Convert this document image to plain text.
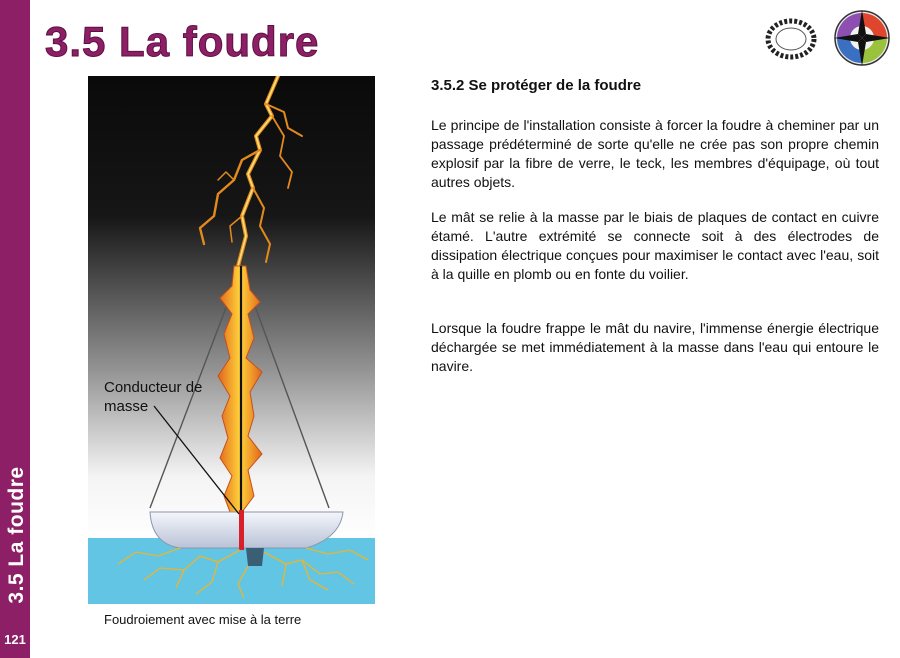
3.5 La foudre
121
3.5 La foudre
Conducteur de masse
Foudroiement avec mise à la terre
3.5.2 Se protéger de la foudre

Le principe de l'installation consiste à forcer la foudre à cheminer par un passage prédéterminé de sorte qu'elle ne crée pas son propre chemin explosif par la fibre de verre, le teck, les membres d'équipage, où tout autres objets.

Le mât se relie à la masse par le biais de plaques de contact en cuivre étamé. L'autre extrémité se connecte soit à des électrodes de dissipation électrique conçues pour maximiser le contact avec l'eau, soit à la quille en plomb ou en fonte du voilier.

Lorsque la foudre frappe le mât du navire, l'immense énergie électrique déchargée se met immédiatement à la masse dans l'eau qui entoure le navire.
